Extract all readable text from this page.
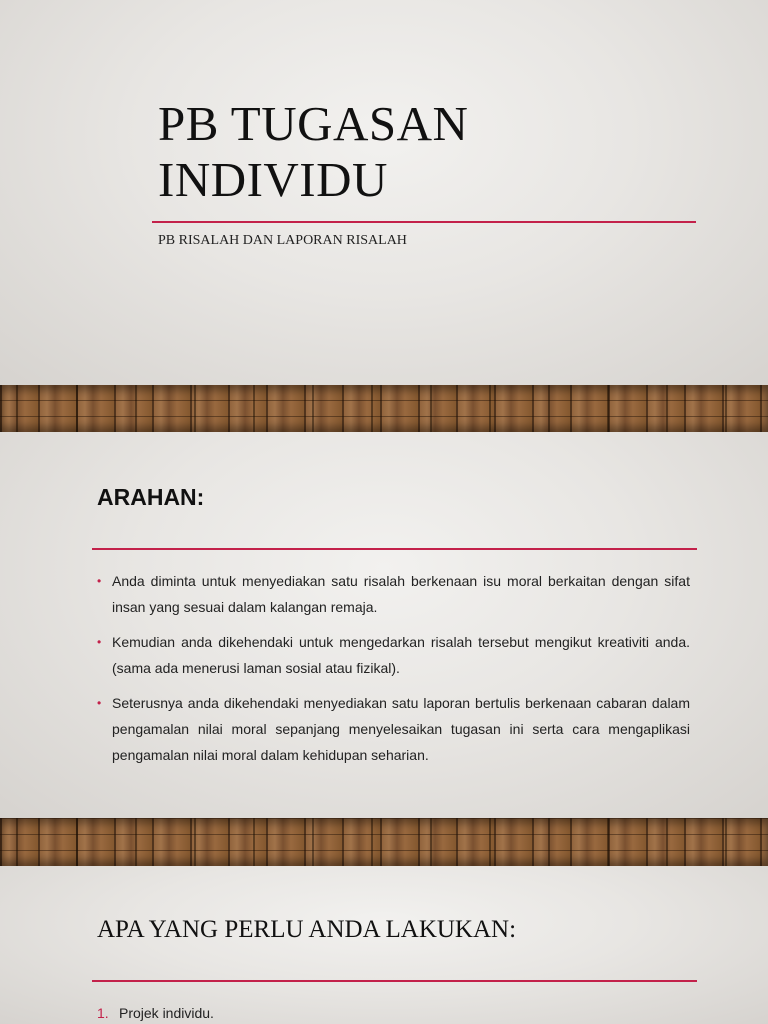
PB TUGASAN
INDIVIDU
PB RISALAH DAN LAPORAN RISALAH
ARAHAN:
• Anda diminta untuk menyediakan satu risalah berkenaan isu moral berkaitan dengan sifat insan yang sesuai dalam kalangan remaja.
• Kemudian anda dikehendaki untuk mengedarkan risalah tersebut mengikut kreativiti anda. (sama ada menerusi laman sosial atau fizikal).
• Seterusnya anda dikehendaki menyediakan satu laporan bertulis berkenaan cabaran dalam pengamalan nilai moral sepanjang menyelesaikan tugasan ini serta cara mengaplikasi pengamalan nilai moral dalam kehidupan seharian.
APA YANG PERLU ANDA LAKUKAN:
1. Projek individu.
